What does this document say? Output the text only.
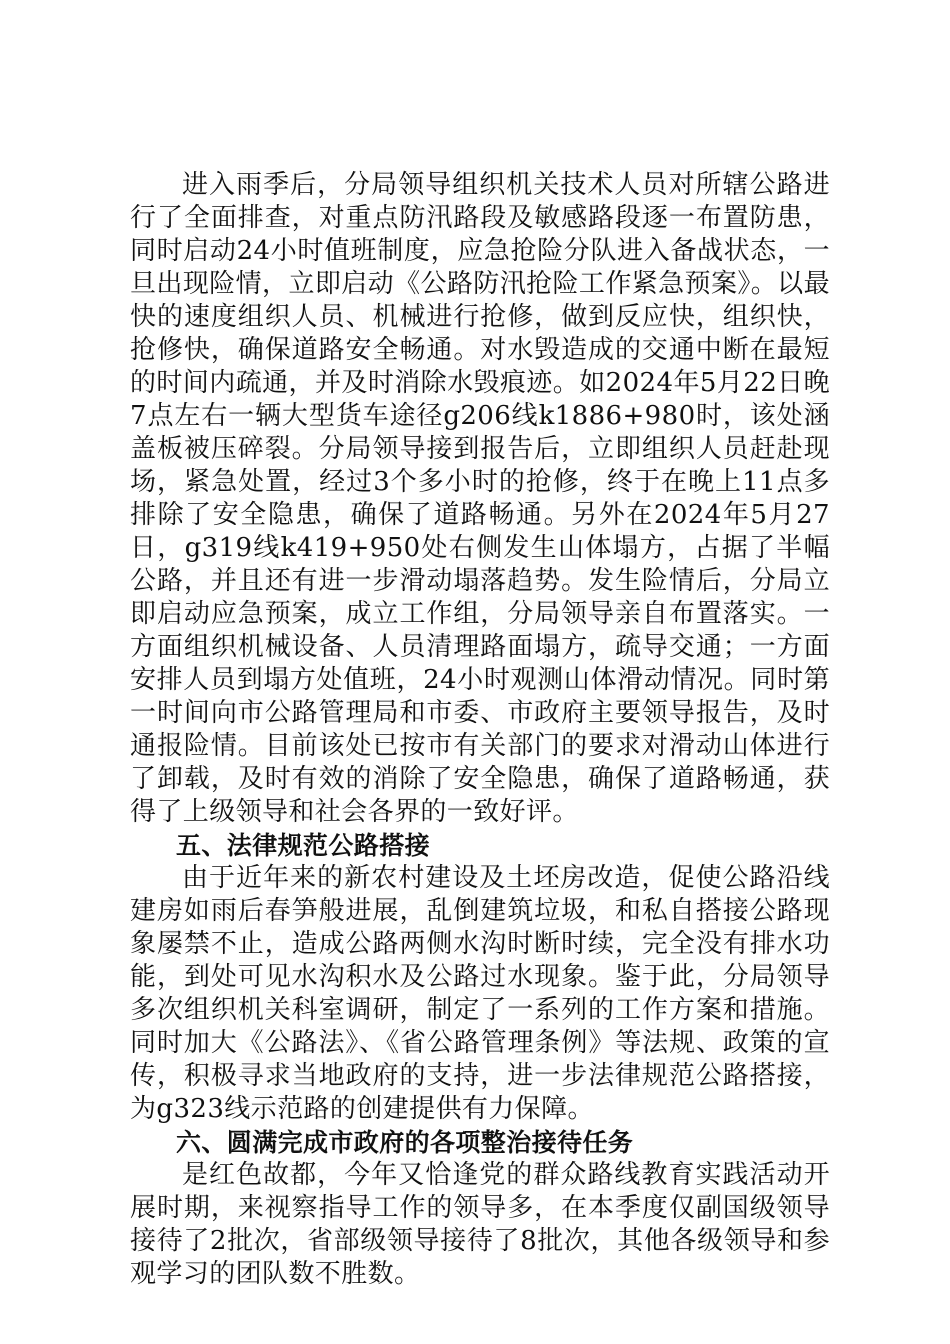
进入雨季后，分局领导组织机关技术人员对所辖公路进行了全面排查，对重点防汛路段及敏感路段逐一布置防患，同时启动24小时值班制度，应急抢险分队进入备战状态，一旦出现险情，立即启动《公路防汛抢险工作紧急预案》。以最快的速度组织人员、机械进行抢修，做到反应快，组织快，抢修快，确保道路安全畅通。对水毁造成的交通中断在最短的时间内疏通，并及时消除水毁痕迹。如2024年5月22日晚7点左右一辆大型货车途径g206线k1886+980时，该处涵盖板被压碎裂。分局领导接到报告后，立即组织人员赶赴现场，紧急处置，经过3个多小时的抢修，终于在晚上11点多排除了安全隐患，确保了道路畅通。另外在2024年5月27日，g319线k419+950处右侧发生山体塌方，占据了半幅公路，并且还有进一步滑动塌落趋势。发生险情后，分局立即启动应急预案，成立工作组，分局领导亲自布置落实。一方面组织机械设备、人员清理路面塌方，疏导交通；一方面安排人员到塌方处值班，24小时观测山体滑动情况。同时第一时间向市公路管理局和市委、市政府主要领导报告，及时通报险情。目前该处已按市有关部门的要求对滑动山体进行了卸载，及时有效的消除了安全隐患，确保了道路畅通，获得了上级领导和社会各界的一致好评。

五、法律规范公路搭接

由于近年来的新农村建设及土坯房改造，促使公路沿线建房如雨后春笋般进展，乱倒建筑垃圾，和私自搭接公路现象屡禁不止，造成公路两侧水沟时断时续，完全没有排水功能，到处可见水沟积水及公路过水现象。鉴于此，分局领导多次组织机关科室调研，制定了一系列的工作方案和措施。同时加大《公路法》、《省公路管理条例》等法规、政策的宣传，积极寻求当地政府的支持，进一步法律规范公路搭接，为g323线示范路的创建提供有力保障。

六、圆满完成市政府的各项整治接待任务

是红色故都，今年又恰逢党的群众路线教育实践活动开展时期，来视察指导工作的领导多，在本季度仅副国级领导接待了2批次，省部级领导接待了8批次，其他各级领导和参观学习的团队数不胜数。
